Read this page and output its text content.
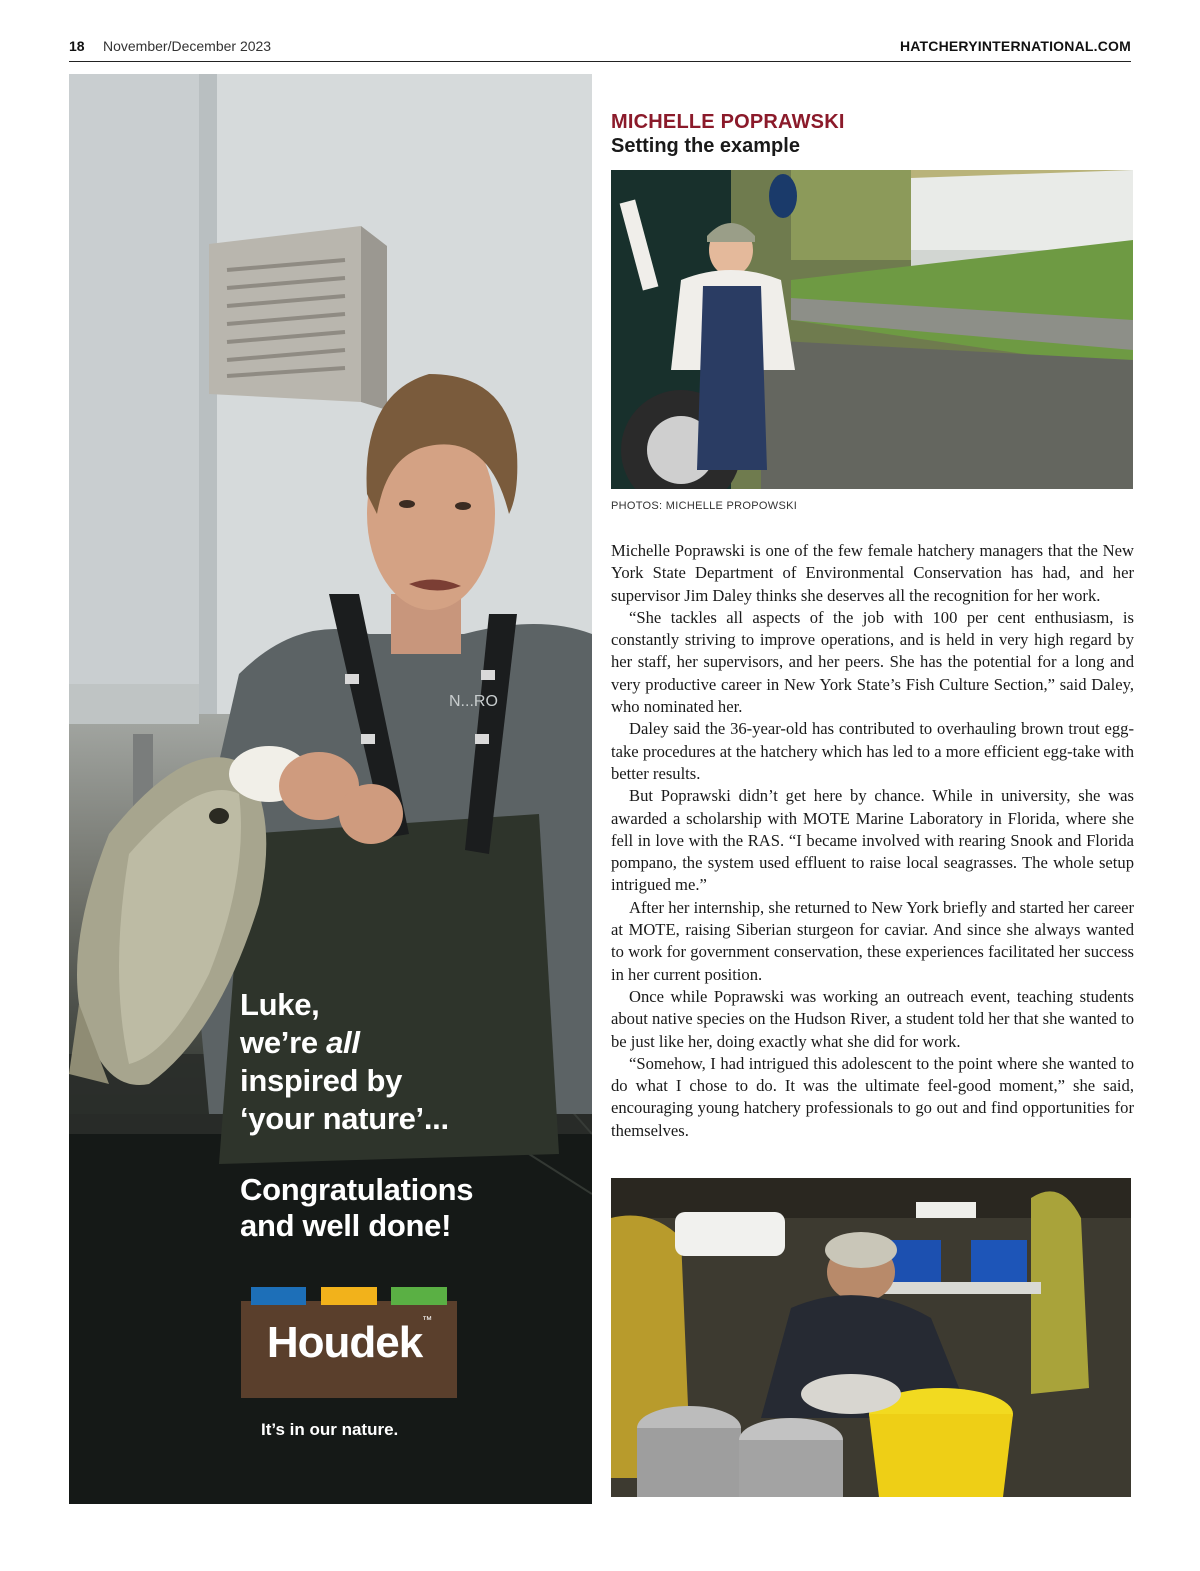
18 November/December 2023	HATCHERYINTERNATIONAL.COM
N...RO
Luke,
we’re all
inspired by
‘your nature’...
Congratulations
and well done!
Houdek™
It’s in our nature.
MICHELLE POPRAWSKI
Setting the example
PHOTOS: MICHELLE PROPOWSKI

Michelle Poprawski is one of the few female hatchery managers that the New York State Department of Environmental Conservation has had, and her supervisor Jim Daley thinks she deserves all the recognition for her work.

“She tackles all aspects of the job with 100 per cent enthusiasm, is constantly striving to improve operations, and is held in very high regard by her staff, her supervisors, and her peers. She has the potential for a long and very productive career in New York State’s Fish Culture Section,” said Daley, who nominated her.

Daley said the 36-year-old has contributed to overhauling brown trout egg-take procedures at the hatchery which has led to a more efficient egg-take with better results.

But Poprawski didn’t get here by chance. While in university, she was awarded a scholarship with MOTE Marine Laboratory in Florida, where she fell in love with the RAS. “I became involved with rearing Snook and Florida pompano, the system used effluent to raise local seagrasses. The whole setup intrigued me.”

After her internship, she returned to New York briefly and started her career at MOTE, raising Siberian sturgeon for caviar. And since she always wanted to work for government conservation, these experiences facilitated her success in her current position.

Once while Poprawski was working an outreach event, teaching students about native species on the Hudson River, a student told her that she wanted to be just like her, doing exactly what she did for work.

“Somehow, I had intrigued this adolescent to the point where she wanted to do what I chose to do. It was the ultimate feel-good moment,” she said, encouraging young hatchery professionals to go out and find opportunities for themselves.
